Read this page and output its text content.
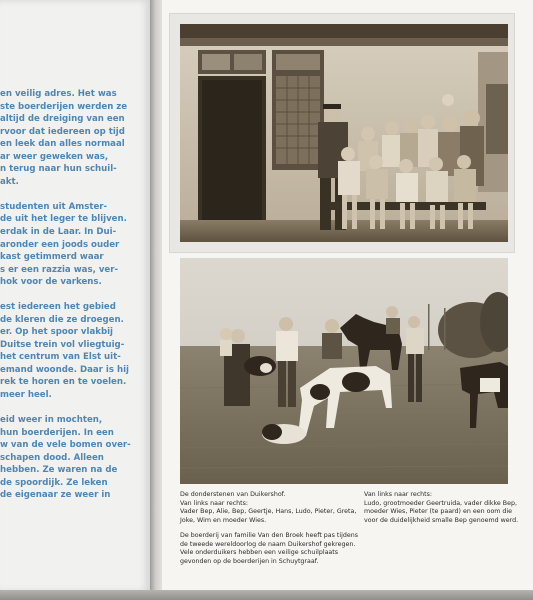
en veilig adres. Het was
ste boerderijen werden ze
altijd de dreiging van een
rvoor dat iedereen op tijd
en leek dan alles normaal
ar weer geweken was,
n terug naar hun schuil-
akt.
studenten uit Amster-
de uit het leger te blijven.
erdak in de Laar. In Dui-
aronder een joods ouder
kast getimmerd waar
s er een razzia was, ver-
hok voor de varkens.
est iedereen het gebied
de kleren die ze droegen.
er. Op het spoor vlakbij
Duitse trein vol vliegtuig-
het centrum van Elst uit-
emand woonde. Daar is hij
rek te horen en te voelen.
meer heel.
eid weer in mochten,
hun boerderijen. In een
w van de vele bomen over-
schapen dood. Alleen
hebben. Ze waren na de
de spoordijk. Ze leken
de eigenaar ze weer in	De donderstenen van Duikershof.
Van links naar rechts:
Vader Bep, Alie, Bep, Geertje, Hans, Ludo, Pieter, Greta,
Joke, Wim en moeder Wies.
De boerderij van familie Van den Broek heeft pas tijdens
de tweede wereldoorlog de naam Duikershof gekregen.
Vele onderduikers hebben een veilige schuilplaats
gevonden op de boerderijen in Schuytgraaf.
Van links naar rechts:
Ludo, grootmoeder Geertruida, vader dikke Bep,
moeder Wies, Pieter (te paard) en een oom die
voor de duidelijkheid smalle Bep genoemd werd.
